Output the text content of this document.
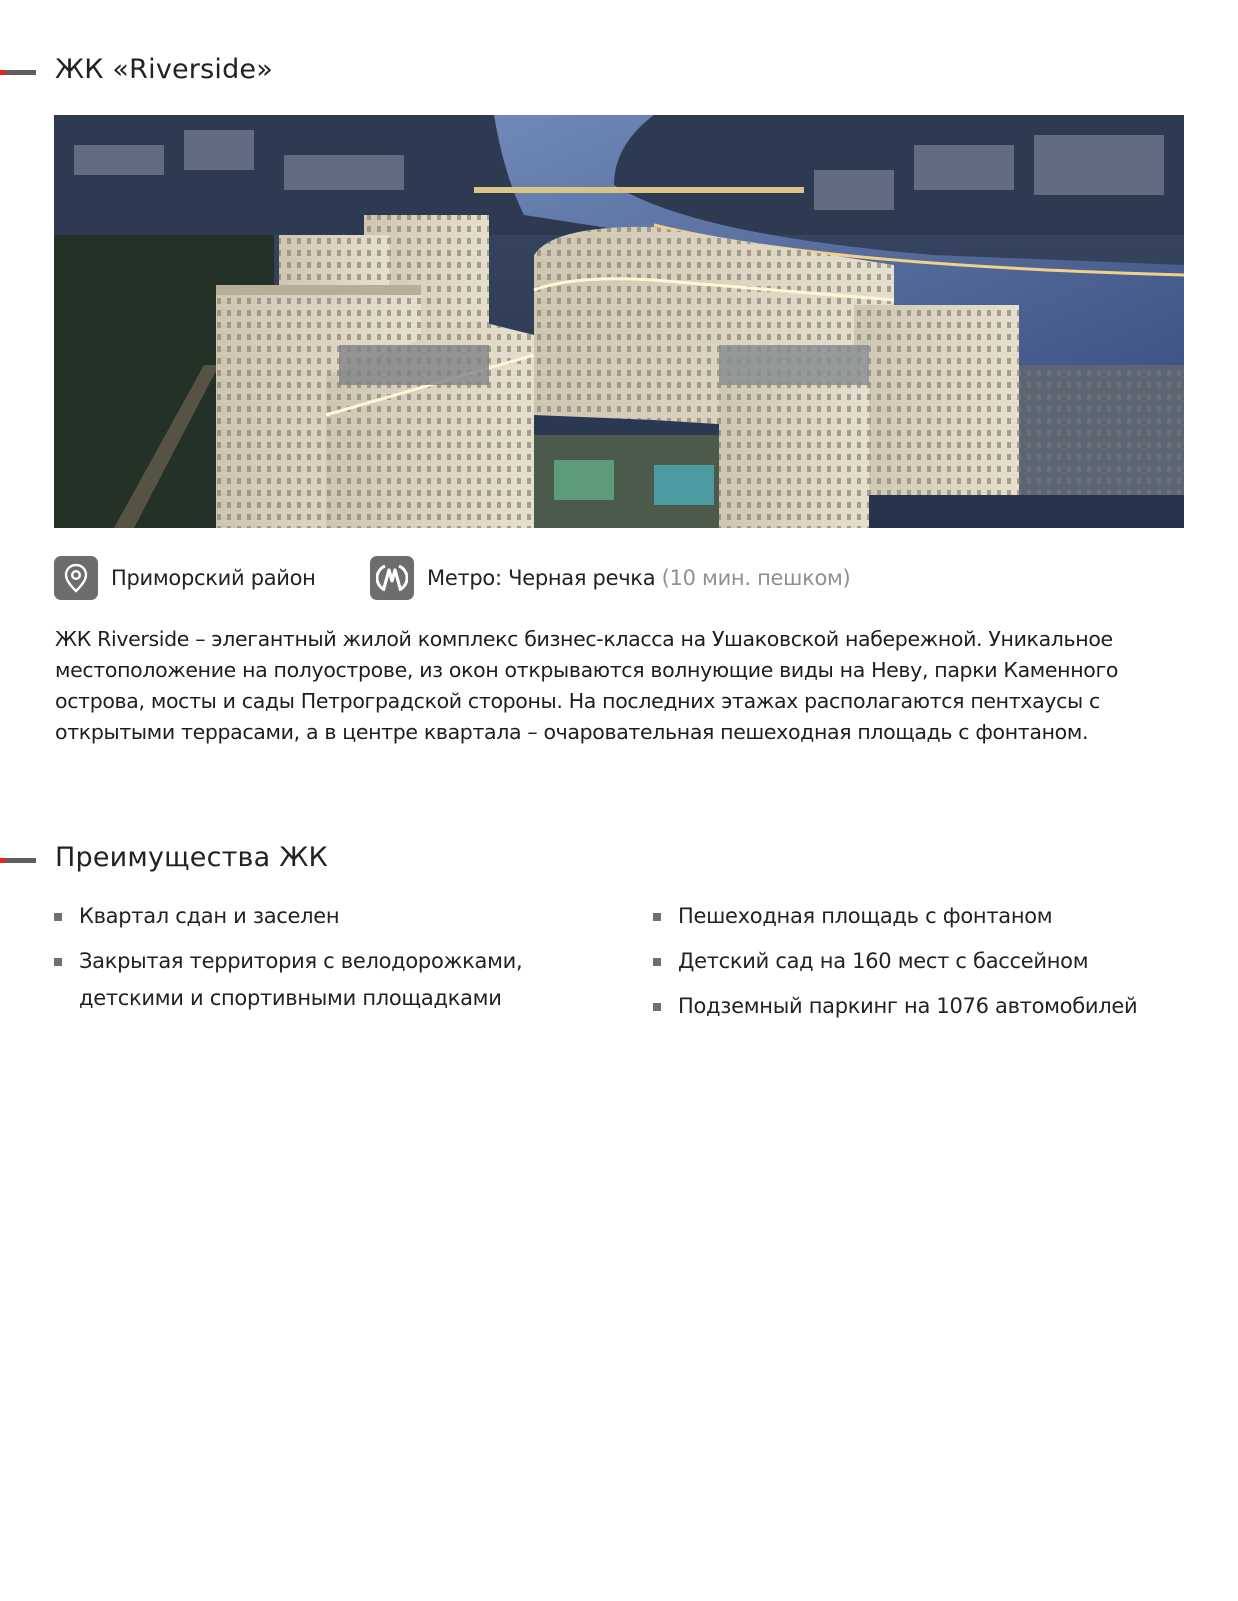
ЖК «Riverside»
Приморский район	Метро: Черная речка (10 мин. пешком)

ЖК Riverside – элегантный жилой комплекс бизнес-класса на Ушаковской набережной. Уникальное местоположение на полуострове, из окон открываются волнующие виды на Неву, парки Каменного острова, мосты и сады Петроградской стороны. На последних этажах располагаются пентхаусы с открытыми террасами, а в центре квартала – очаровательная пешеходная площадь с фонтаном.

Преимущества ЖК
Квартал сдан и заселен
Закрытая территория с велодорожками, детскими и спортивными площадками
Пешеходная площадь с фонтаном
Детский сад на 160 мест с бассейном
Подземный паркинг на 1076 автомобилей
